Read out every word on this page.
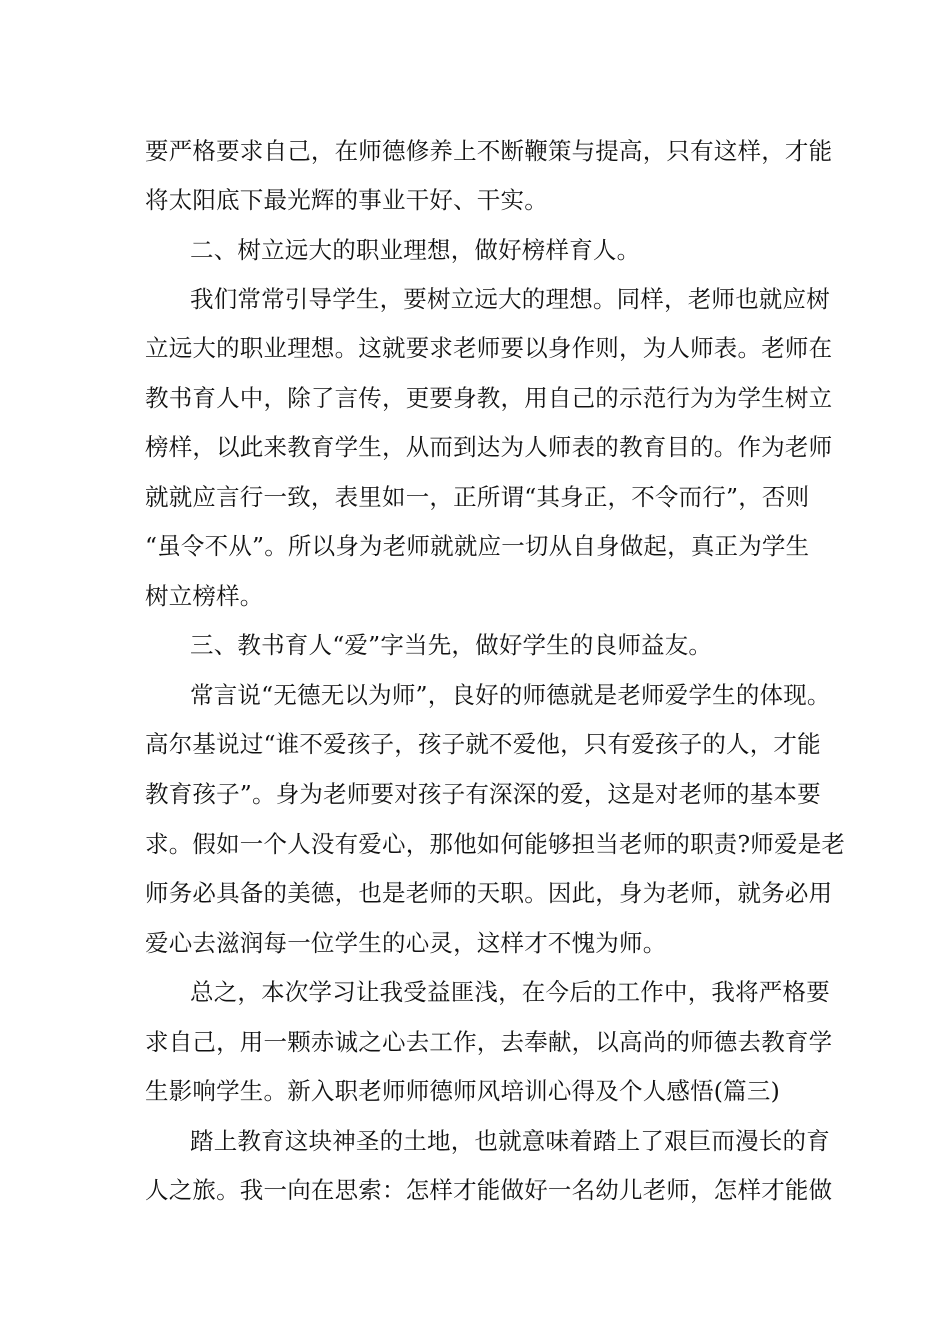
要严格要求自己，在师德修养上不断鞭策与提高，只有这样，才能
将太阳底下最光辉的事业干好、干实。
二、树立远大的职业理想，做好榜样育人。
我们常常引导学生，要树立远大的理想。同样，老师也就应树
立远大的职业理想。这就要求老师要以身作则，为人师表。老师在
教书育人中，除了言传，更要身教，用自己的示范行为为学生树立
榜样，以此来教育学生，从而到达为人师表的教育目的。作为老师
就就应言行一致，表里如一，正所谓“其身正，不令而行”，否则
“虽令不从”。所以身为老师就就应一切从自身做起，真正为学生
树立榜样。
三、教书育人“爱”字当先，做好学生的良师益友。
常言说“无德无以为师”，良好的师德就是老师爱学生的体现。
高尔基说过“谁不爱孩子，孩子就不爱他，只有爱孩子的人，才能
教育孩子”。身为老师要对孩子有深深的爱，这是对老师的基本要
求。假如一个人没有爱心，那他如何能够担当老师的职责?师爱是老
师务必具备的美德，也是老师的天职。因此，身为老师，就务必用
爱心去滋润每一位学生的心灵，这样才不愧为师。
总之，本次学习让我受益匪浅，在今后的工作中，我将严格要
求自己，用一颗赤诚之心去工作，去奉献，以高尚的师德去教育学
生影响学生。新入职老师师德师风培训心得及个人感悟(篇三)
踏上教育这块神圣的土地，也就意味着踏上了艰巨而漫长的育
人之旅。我一向在思索：怎样才能做好一名幼儿老师，怎样才能做
